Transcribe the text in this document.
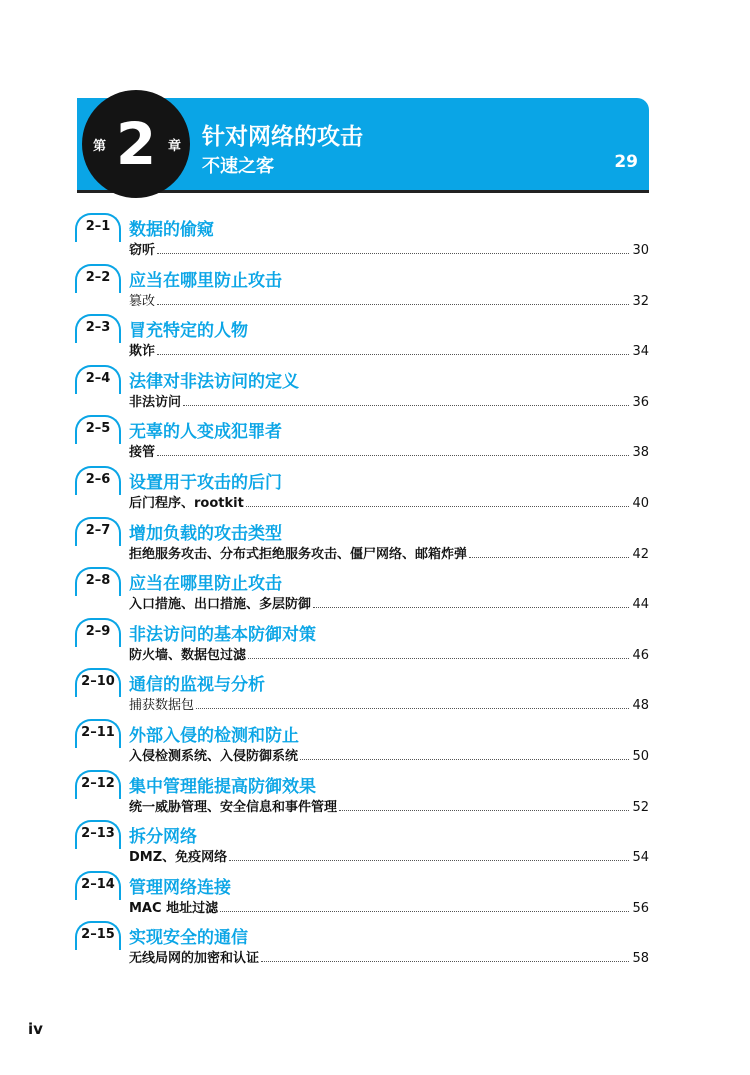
第 2 章 针对网络的攻击
不速之客	29
2–1	数据的偷窥
窃听	30
2–2	应当在哪里防止攻击
篡改	32
2–3	冒充特定的人物
欺诈	34
2–4	法律对非法访问的定义
非法访问	36
2–5	无辜的人变成犯罪者
接管	38
2–6	设置用于攻击的后门
后门程序、rootkit	40
2–7	增加负载的攻击类型
拒绝服务攻击、分布式拒绝服务攻击、僵尸网络、邮箱炸弹	42
2–8	应当在哪里防止攻击
入口措施、出口措施、多层防御	44
2–9	非法访问的基本防御对策
防火墙、数据包过滤	46
2–10 通信的监视与分析
捕获数据包	48
2–11 外部入侵的检测和防止
入侵检测系统、入侵防御系统	50
2–12 集中管理能提高防御效果
统一威胁管理、安全信息和事件管理	52
2–13 拆分网络
DMZ、免疫网络	54
2–14 管理网络连接
MAC 地址过滤	56
2–15 实现安全的通信
无线局网的加密和认证	58
iv
